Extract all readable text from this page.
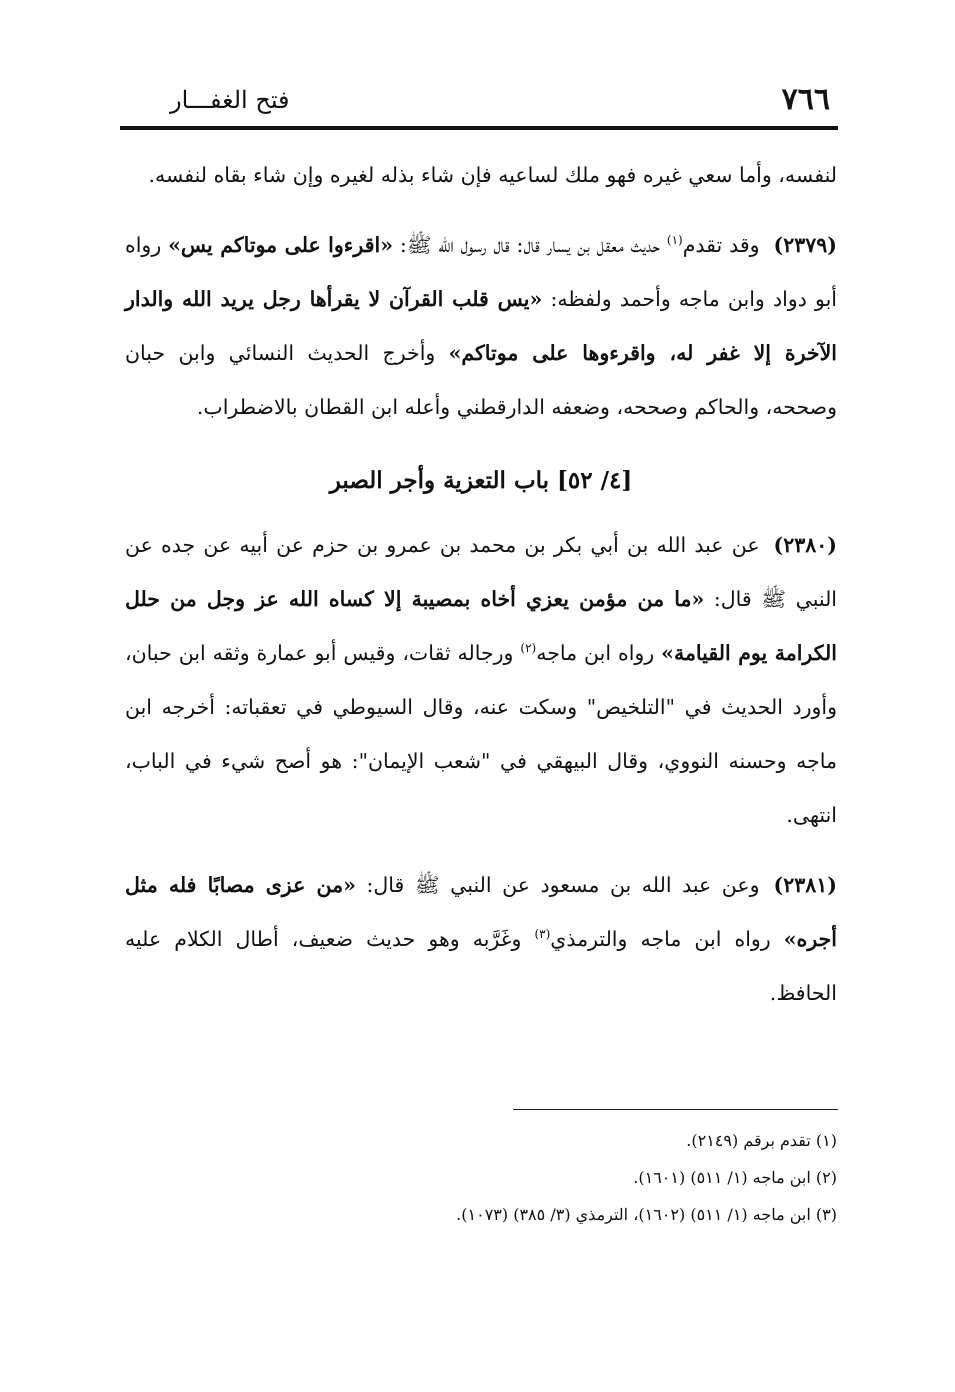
٧٦٦
فتح الغفـــار

لنفسه، وأما سعي غيره فهو ملك لساعيه فإن شاء بذله لغيره وإن شاء بقاه لنفسه.

(٢٣٧٩)وقد تقدم$^{(١)}$ حديث معقل بن يسار قال: قال رسول الله ﷺ: «اقرءوا على موتاكم يس» رواه أبو دواد وابن ماجه وأحمد ولفظه: «يس قلب القرآن لا يقرأها رجل يريد الله والدار الآخرة إلا غفر له، واقرءوها على موتاكم» وأخرج الحديث النسائي وابن حبان وصححه، والحاكم وصححه، وضعفه الدارقطني وأعله ابن القطان بالاضطراب.

[٤/ ٥٢] باب التعزية وأجر الصبر

(٢٣٨٠)عن عبد الله بن أبي بكر بن محمد بن عمرو بن حزم عن أبيه عن جده عن النبي ﷺ قال: «ما من مؤمن يعزي أخاه بمصيبة إلا كساه الله عز وجل من حلل الكرامة يوم القيامة» رواه ابن ماجه$^{(٢)}$ ورجاله ثقات، وقيس أبو عمارة وثقه ابن حبان، وأورد الحديث في "التلخيص" وسكت عنه، وقال السيوطي في تعقباته: أخرجه ابن ماجه وحسنه النووي، وقال البيهقي في "شعب الإيمان": هو أصح شيء في الباب، انتهى.

(٢٣٨١)وعن عبد الله بن مسعود عن النبي ﷺ قال: «من عزى مصابًا فله مثل أجره» رواه ابن ماجه والترمذي$^{(٣)}$ وغَرَّبه وهو حديث ضعيف، أطال الكلام عليه الحافظ.

(١) تقدم برقم (٢١٤٩).

(٢) ابن ماجه (١/ ٥١١) (١٦٠١).

(٣) ابن ماجه (١/ ٥١١) (١٦٠٢)، الترمذي (٣/ ٣٨٥) (١٠٧٣).
